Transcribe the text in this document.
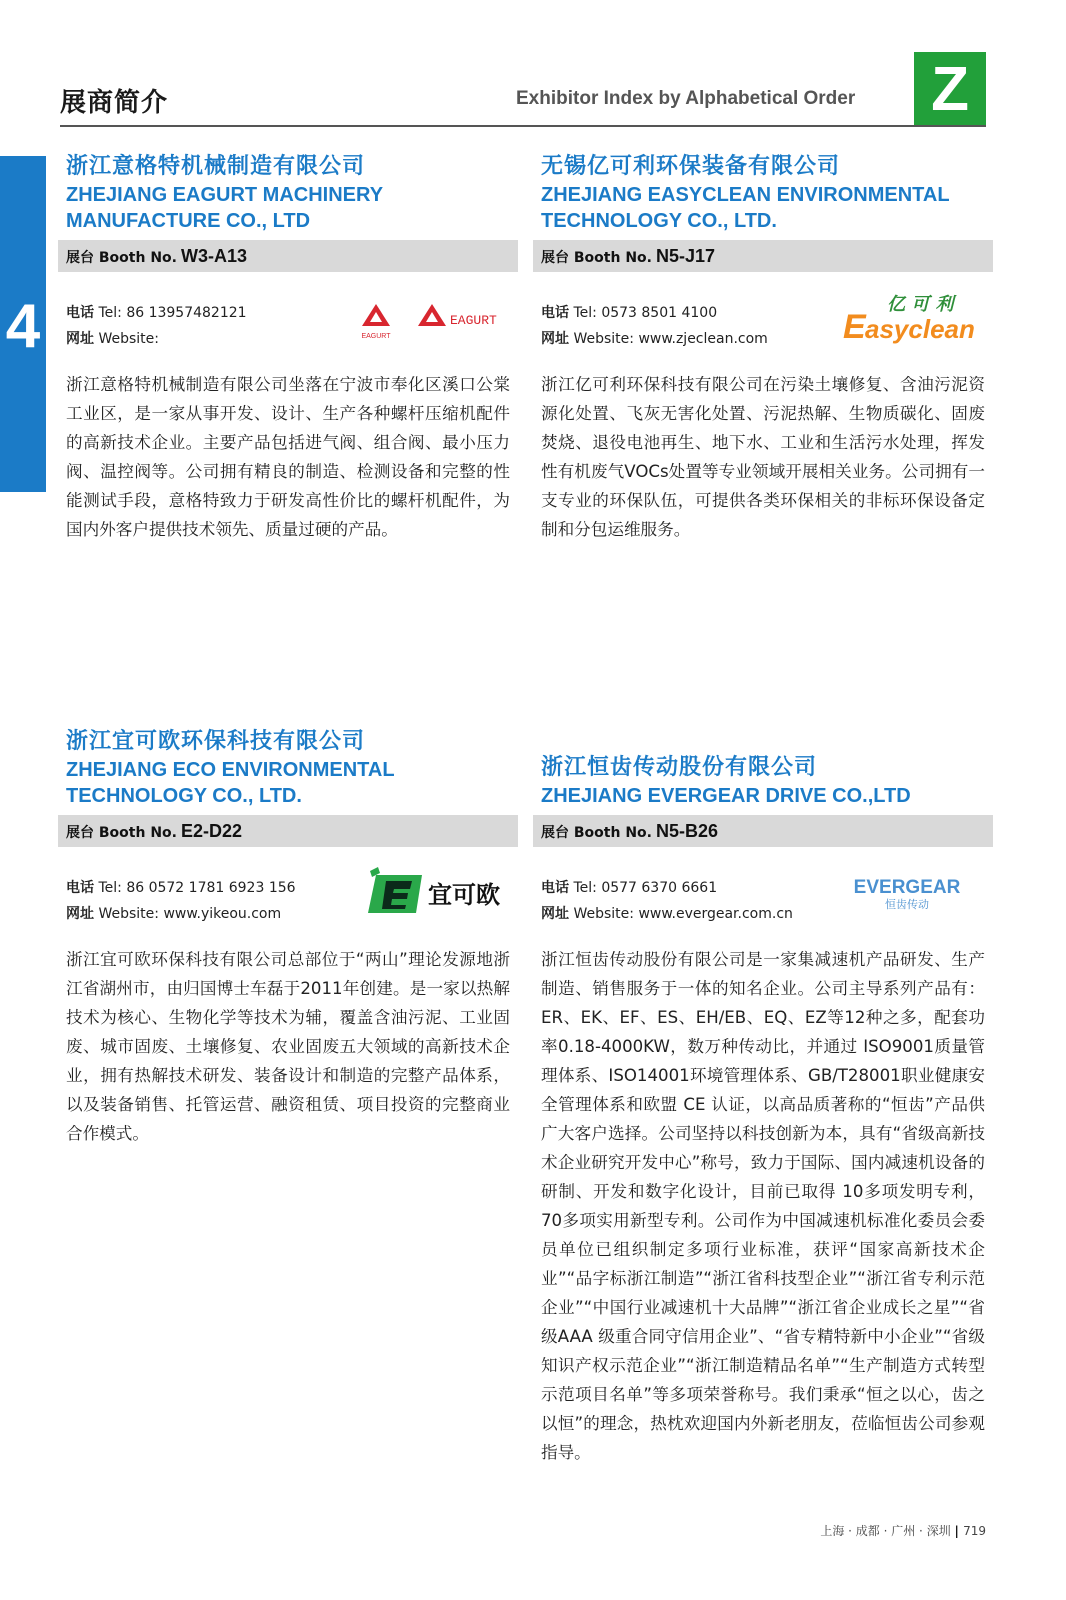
展商简介	Exhibitor Index by Alphabetical Order Z
4
浙江意格特机械制造有限公司
ZHEJIANG EAGURT MACHINERY
MANUFACTURE CO., LTD
展台 Booth No. W3-A13
电话 Tel: 86 13957482121
网址 Website:	EAGURT
EAGURT
浙江意格特机械制造有限公司坐落在宁波市奉化区溪口公棠工业区，是一家从事开发、设计、生产各种螺杆压缩机配件的高新技术企业。主要产品包括进气阀、组合阀、最小压力阀、温控阀等。公司拥有精良的制造、检测设备和完整的性能测试手段，意格特致力于研发高性价比的螺杆机配件，为国内外客户提供技术领先、质量过硬的产品。
无锡亿可利环保装备有限公司
ZHEJIANG EASYCLEAN ENVIRONMENTAL
TECHNOLOGY CO., LTD.
展台 Booth No. N5-J17
电话 Tel: 0573 8501 4100
网址 Website: www.zjeclean.com
亿 可 利
E asyclean
浙江亿可利环保科技有限公司在污染土壤修复、含油污泥资源化处置、飞灰无害化处置、污泥热解、生物质碳化、固废焚烧、退役电池再生、地下水、工业和生活污水处理，挥发性有机废气VOCs处置等专业领域开展相关业务。公司拥有一支专业的环保队伍，可提供各类环保相关的非标环保设备定制和分包运维服务。
浙江宜可欧环保科技有限公司
ZHEJIANG ECO ENVIRONMENTAL
TECHNOLOGY CO., LTD.
展台 Booth No. E2-D22
电话 Tel: 86 0572 1781 6923 156
网址 Website: www.yikeou.com
宜可欧
浙江宜可欧环保科技有限公司总部位于“两山”理论发源地浙江省湖州市，由归国博士车磊于2011年创建。是一家以热解技术为核心、生物化学等技术为辅，覆盖含油污泥、工业固废、城市固废、土壤修复、农业固废五大领域的高新技术企业，拥有热解技术研发、装备设计和制造的完整产品体系，以及装备销售、托管运营、融资租赁、项目投资的完整商业合作模式。
浙江恒齿传动股份有限公司
ZHEJIANG EVERGEAR DRIVE CO.,LTD
展台 Booth No. N5-B26
电话 Tel: 0577 6370 6661
网址 Website: www.evergear.com.cn
EVERGEAR
恒齿传动
浙江恒齿传动股份有限公司是一家集减速机产品研发、生产制造、销售服务于一体的知名企业。公司主导系列产品有：ER、EK、EF、ES、EH/EB、EQ、EZ等12种之多，配套功率0.18-4000KW，数万种传动比，并通过 ISO9001质量管理体系、ISO14001环境管理体系、GB/T28001职业健康安全管理体系和欧盟 CE 认证，以高品质著称的“恒齿”产品供广大客户选择。公司坚持以科技创新为本，具有“省级高新技术企业研究开发中心”称号，致力于国际、国内减速机设备的研制、开发和数字化设计，目前已取得 10多项发明专利，70多项实用新型专利。公司作为中国减速机标准化委员会委员单位已组织制定多项行业标准，获评“国家高新技术企业”“品字标浙江制造”“浙江省科技型企业”“浙江省专利示范企业”“中国行业减速机十大品牌”“浙江省企业成长之星”“省级AAA 级重合同守信用企业”、“省专精特新中小企业”“省级知识产权示范企业”“浙江制造精品名单”“生产制造方式转型示范项目名单”等多项荣誉称号。我们秉承“恒之以心，齿之以恒”的理念，热枕欢迎国内外新老朋友，莅临恒齿公司参观指导。
上海 · 成都 · 广州 · 深圳 | 719
